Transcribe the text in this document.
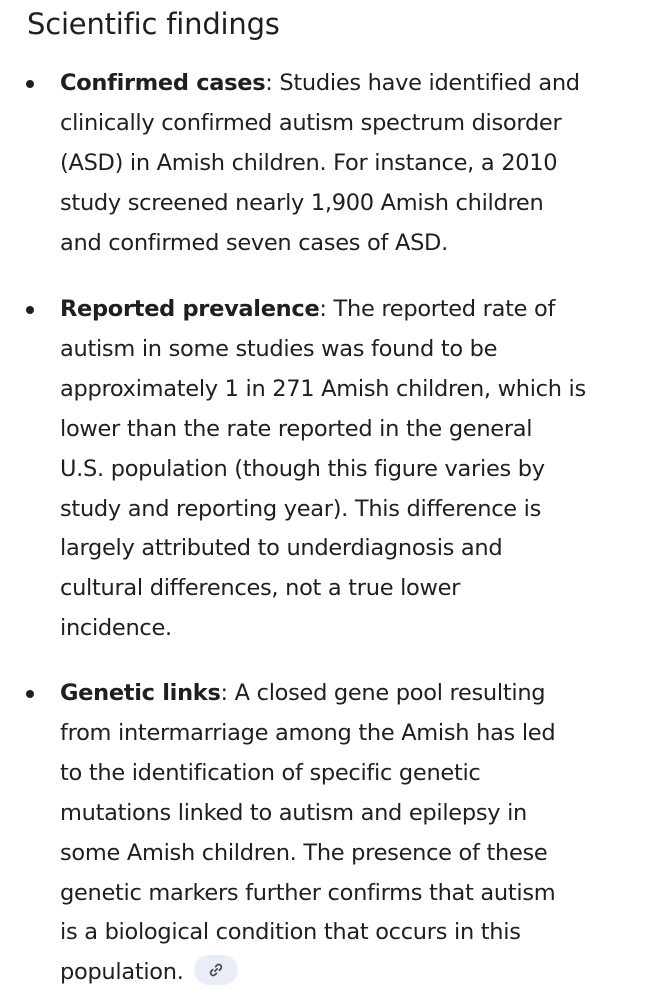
Scientific findings

Confirmed cases: Studies have identified and
clinically confirmed autism spectrum disorder
(ASD) in Amish children. For instance, a 2010
study screened nearly 1,900 Amish children
and confirmed seven cases of ASD.

Reported prevalence: The reported rate of
autism in some studies was found to be
approximately 1 in 271 Amish children, which is
lower than the rate reported in the general
U.S. population (though this figure varies by
study and reporting year). This difference is
largely attributed to underdiagnosis and
cultural differences, not a true lower
incidence.

Genetic links: A closed gene pool resulting
from intermarriage among the Amish has led
to the identification of specific genetic
mutations linked to autism and epilepsy in
some Amish children. The presence of these
genetic markers further confirms that autism
is a biological condition that occurs in this
population.
